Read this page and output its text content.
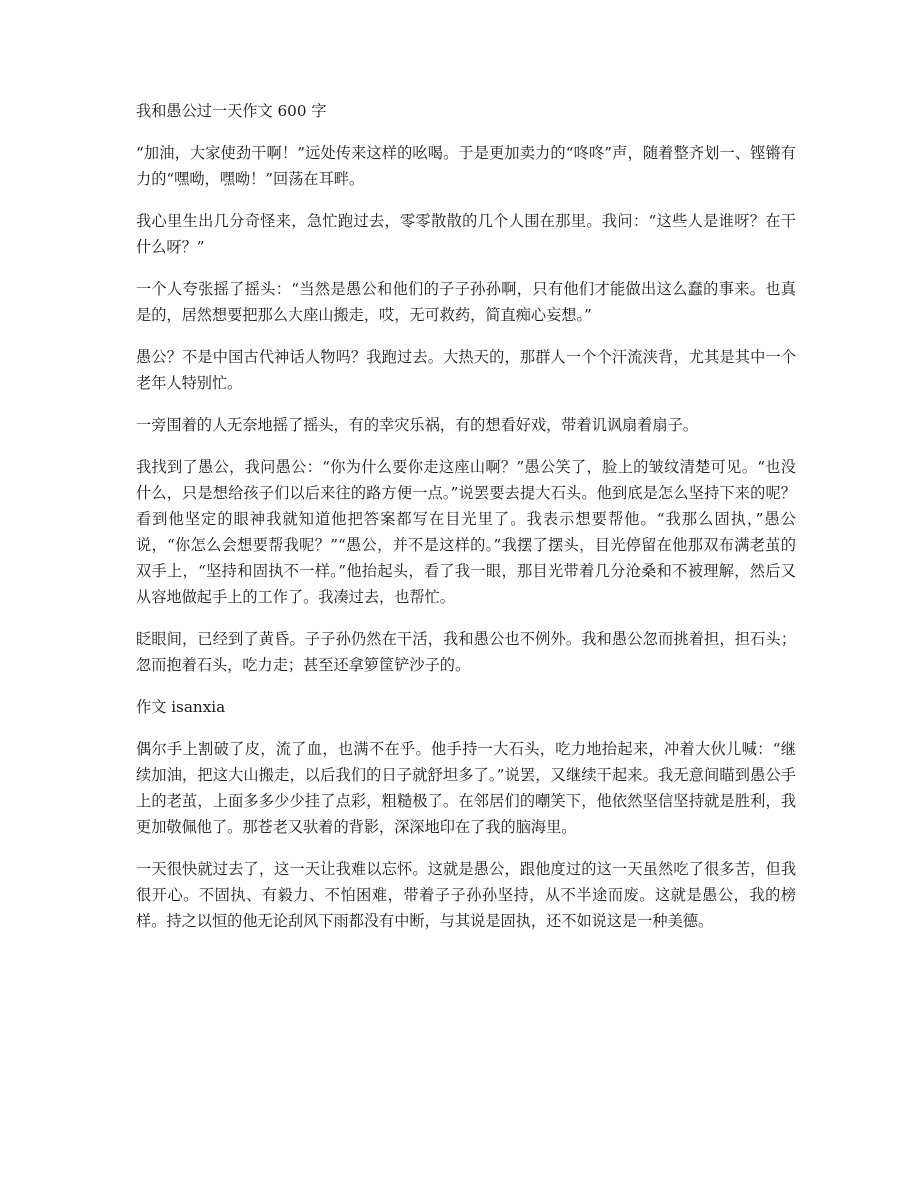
我和愚公过一天作文 600 字

“加油，大家使劲干啊！”远处传来这样的吆喝。于是更加卖力的“咚咚”声，随着整齐划一、铿锵有力的“嘿呦，嘿呦！”回荡在耳畔。

我心里生出几分奇怪来，急忙跑过去，零零散散的几个人围在那里。我问：“这些人是谁呀？在干什么呀？”

一个人夸张摇了摇头：“当然是愚公和他们的子子孙孙啊，只有他们才能做出这么蠢的事来。也真是的，居然想要把那么大座山搬走，哎，无可救药，简直痴心妄想。”

愚公？不是中国古代神话人物吗？我跑过去。大热天的，那群人一个个汗流浃背，尤其是其中一个老年人特别忙。

一旁围着的人无奈地摇了摇头，有的幸灾乐祸，有的想看好戏，带着讥讽扇着扇子。

我找到了愚公，我问愚公：“你为什么要你走这座山啊？”愚公笑了，脸上的皱纹清楚可见。“也没什么，只是想给孩子们以后来往的路方便一点。”说罢要去提大石头。他到底是怎么坚持下来的呢？看到他坚定的眼神我就知道他把答案都写在目光里了。我表示想要帮他。“我那么固执，”愚公说，“你怎么会想要帮我呢？”“愚公，并不是这样的。”我摆了摆头，目光停留在他那双布满老茧的双手上，“坚持和固执不一样。”他抬起头，看了我一眼，那目光带着几分沧桑和不被理解，然后又从容地做起手上的工作了。我凑过去，也帮忙。

眨眼间，已经到了黄昏。子子孙仍然在干活，我和愚公也不例外。我和愚公忽而挑着担，担石头；忽而抱着石头，吃力走；甚至还拿箩筐铲沙子的。

作文 isanxia

偶尔手上割破了皮，流了血，也满不在乎。他手持一大石头，吃力地抬起来，冲着大伙儿喊：“继续加油，把这大山搬走，以后我们的日子就舒坦多了。”说罢，又继续干起来。我无意间瞄到愚公手上的老茧，上面多多少少挂了点彩，粗糙极了。在邻居们的嘲笑下，他依然坚信坚持就是胜利，我更加敬佩他了。那苍老又驮着的背影，深深地印在了我的脑海里。

一天很快就过去了，这一天让我难以忘怀。这就是愚公，跟他度过的这一天虽然吃了很多苦，但我很开心。不固执、有毅力、不怕困难，带着子子孙孙坚持，从不半途而废。这就是愚公，我的榜样。持之以恒的他无论刮风下雨都没有中断，与其说是固执，还不如说这是一种美德。
